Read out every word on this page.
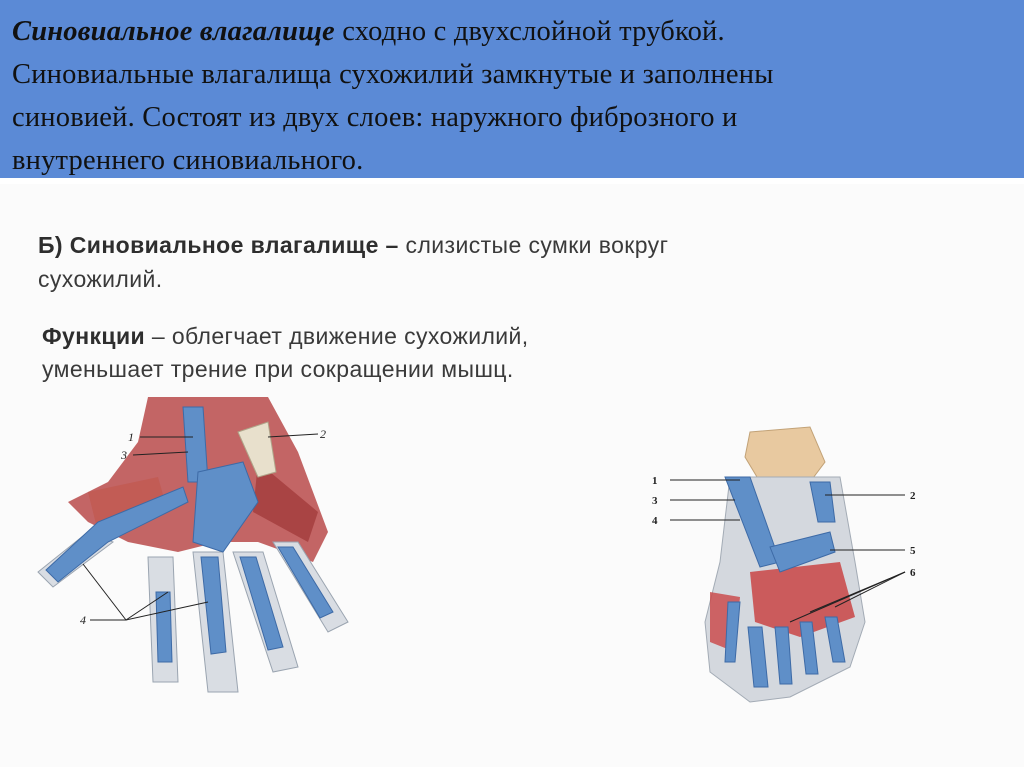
Синовиальное влагалище сходно с двухслойной трубкой.
Синовиальные влагалища сухожилий замкнутые и заполнены
синовией. Состоят из двух слоев: наружного фиброзного и
внутреннего синовиального.
Б) Синовиальное влагалище – слизистые сумки вокруг
сухожилий.
Функции – облегчает движение сухожилий,
уменьшает трение при сокращении мышц.
1	2
3
4
1
2
3
4
5
6
